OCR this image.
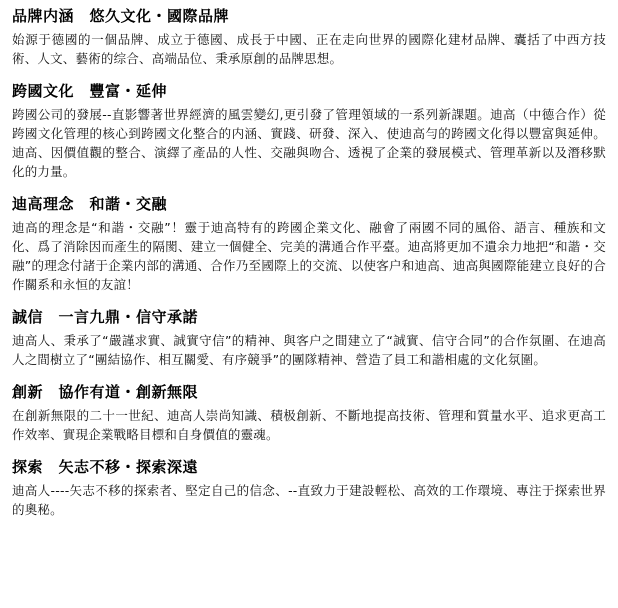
品牌内涵　悠久文化・國際品牌
始源于德國的一個品牌、成立于德國、成長于中國、正在走向世界的國際化建材品牌、囊括了中西方技術、人文、藝術的综合、高端品位、秉承原創的品牌思想。
跨國文化　豐富・延伸
跨國公司的發展--直影響著世界經濟的風雲變幻,更引發了管理領域的一系列新課題。迪高（中德合作）從跨國文化管理的核心到跨國文化整合的内涵、實踐、研發、深入、使迪高勻的跨國文化得以豐富與延伸。迪高、因價值觀的整合、演繹了產品的人性、交融與吻合、透視了企業的發展模式、管理革新以及潛移默化的力量。
迪高理念　和諧・交融
迪高的理念是“和諧・交融”！靈于迪高特有的跨國企業文化、融會了兩國不同的風俗、語言、種族和文化、爲了消除因而產生的隔閡、建立一個健全、完美的溝通合作平臺。迪高將更加不遺余力地把“和諧・交融”的理念付諸于企業内部的溝通、合作乃至國際上的交流、以使客户和迪高、迪高與國際能建立良好的合作關系和永恒的友誼！
誠信　一言九鼎・信守承諾
迪高人、秉承了“嚴謹求實、誠實守信”的精神、與客户之間建立了“誠實、信守合同”的合作氛圍、在迪高人之間樹立了“團結協作、相互關愛、有序競爭”的團隊精神、營造了員工和諧相處的文化氛圍。
創新　協作有道・創新無限
在創新無限的二十一世紀、迪高人崇尚知識、積极創新、不斷地提高技術、管理和質量水平、追求更高工作效率、實現企業戰略目標和自身價值的靈魂。
探索　矢志不移・探索深遠
迪高人----矢志不移的探索者、堅定自己的信念、--直致力于建設輕松、高效的工作環境、專注于探索世界的奧秘。
